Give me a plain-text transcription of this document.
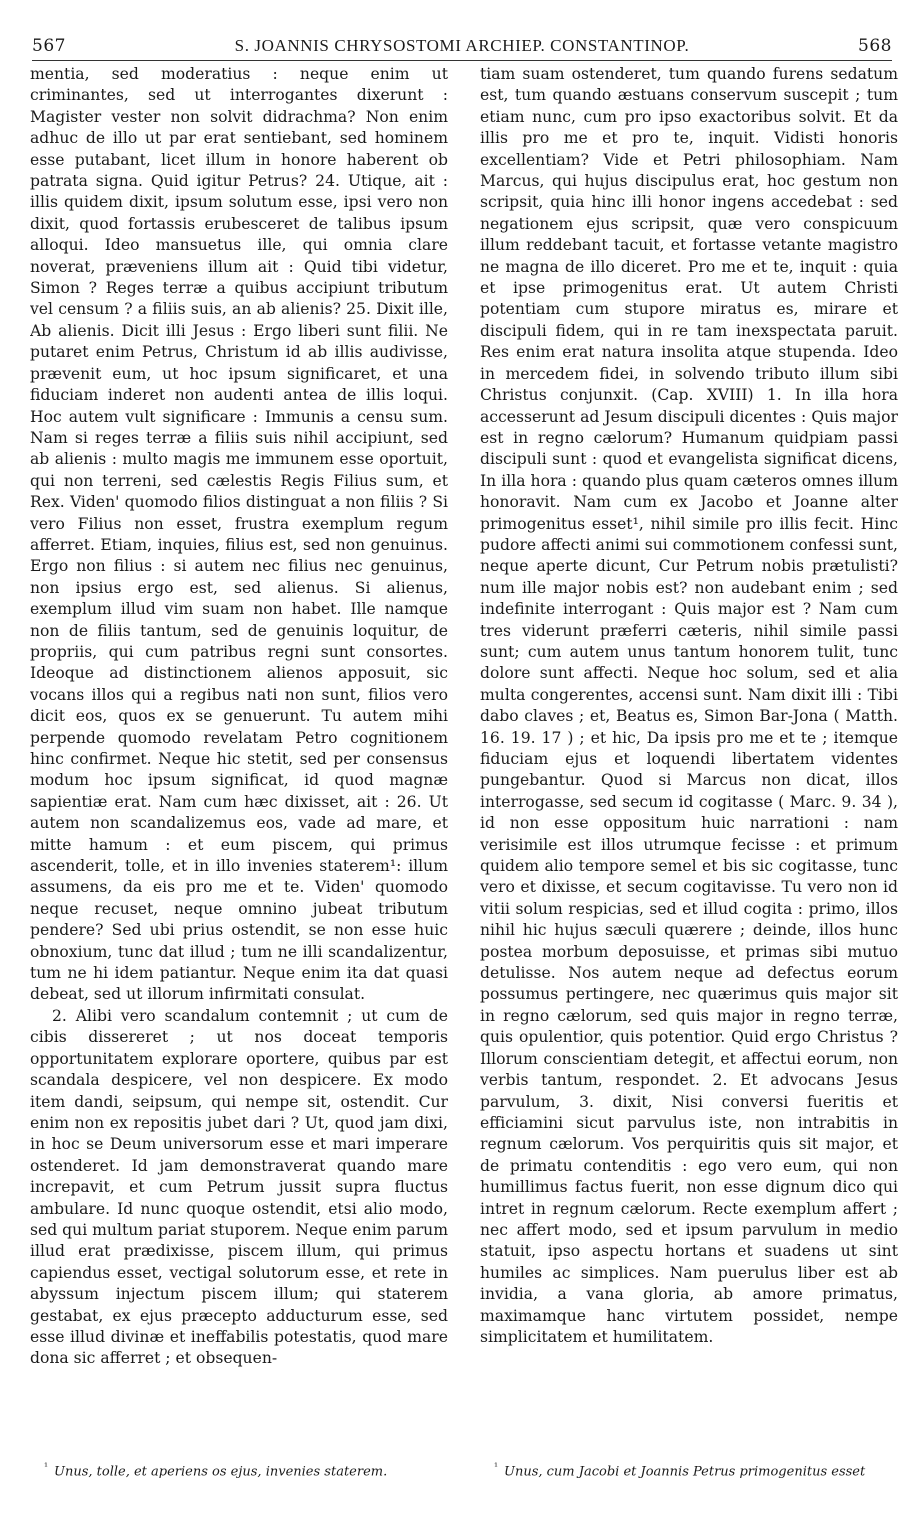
567	S. JOANNIS CHRYSOSTOMI ARCHIEP. CONSTANTINOP.	568

mentia, sed moderatius : neque enim ut criminantes, sed ut interrogantes dixerunt : Magister vester non solvit didrachma? Non enim adhuc de illo ut par erat sentiebant, sed hominem esse putabant, licet illum in honore haberent ob patrata signa. Quid igitur Petrus? 24. Utique, ait : illis quidem dixit, ipsum solutum esse, ipsi vero non dixit, quod fortassis erubesceret de talibus ipsum alloqui. Ideo mansuetus ille, qui omnia clare noverat, præveniens illum ait : Quid tibi videtur, Simon ? Reges terræ a quibus accipiunt tributum vel censum ? a filiis suis, an ab alienis? 25. Dixit ille, Ab alienis. Dicit illi Jesus : Ergo liberi sunt filii. Ne putaret enim Petrus, Christum id ab illis audivisse, prævenit eum, ut hoc ipsum significaret, et una fiduciam inderet non audenti antea de illis loqui. Hoc autem vult significare : Immunis a censu sum. Nam si reges terræ a filiis suis nihil accipiunt, sed ab alienis : multo magis me immunem esse oportuit, qui non terreni, sed cælestis Regis Filius sum, et Rex. Viden' quomodo filios distinguat a non filiis ? Si vero Filius non esset, frustra exemplum regum afferret. Etiam, inquies, filius est, sed non genuinus. Ergo non filius : si autem nec filius nec genuinus, non ipsius ergo est, sed alienus. Si alienus, exemplum illud vim suam non habet. Ille namque non de filiis tantum, sed de genuinis loquitur, de propriis, qui cum patribus regni sunt consortes. Ideoque ad distinctionem alienos apposuit, sic vocans illos qui a regibus nati non sunt, filios vero dicit eos, quos ex se genuerunt. Tu autem mihi perpende quomodo revelatam Petro cognitionem hinc confirmet. Neque hic stetit, sed per consensus modum hoc ipsum significat, id quod magnæ sapientiæ erat. Nam cum hæc dixisset, ait : 26. Ut autem non scandalizemus eos, vade ad mare, et mitte hamum : et eum piscem, qui primus ascenderit, tolle, et in illo invenies staterem¹: illum assumens, da eis pro me et te. Viden' quomodo neque recuset, neque omnino jubeat tributum pendere? Sed ubi prius ostendit, se non esse huic obnoxium, tunc dat illud ; tum ne illi scandalizentur, tum ne hi idem patiantur. Neque enim ita dat quasi debeat, sed ut illorum infirmitati consulat.

2. Alibi vero scandalum contemnit ; ut cum de cibis dissereret ; ut nos doceat temporis opportunitatem explorare oportere, quibus par est scandala despicere, vel non despicere. Ex modo item dandi, seipsum, qui nempe sit, ostendit. Cur enim non ex repositis jubet dari ? Ut, quod jam dixi, in hoc se Deum universorum esse et mari imperare ostenderet. Id jam demonstraverat quando mare increpavit, et cum Petrum jussit supra fluctus ambulare. Id nunc quoque ostendit, etsi alio modo, sed qui multum pariat stuporem. Neque enim parum illud erat prædixisse, piscem illum, qui primus capiendus esset, vectigal solutorum esse, et rete in abyssum injectum piscem illum; qui staterem gestabat, ex ejus præcepto adducturum esse, sed esse illud divinæ et ineffabilis potestatis, quod mare dona sic afferret ; et obsequen-

tiam suam ostenderet, tum quando furens sedatum est, tum quando æstuans conservum suscepit ; tum etiam nunc, cum pro ipso exactoribus solvit. Et da illis pro me et pro te, inquit. Vidisti honoris excellentiam? Vide et Petri philosophiam. Nam Marcus, qui hujus discipulus erat, hoc gestum non scripsit, quia hinc illi honor ingens accedebat : sed negationem ejus scripsit, quæ vero conspicuum illum reddebant tacuit, et fortasse vetante magistro ne magna de illo diceret. Pro me et te, inquit : quia et ipse primogenitus erat. Ut autem Christi potentiam cum stupore miratus es, mirare et discipuli fidem, qui in re tam inexspectata paruit. Res enim erat natura insolita atque stupenda. Ideo in mercedem fidei, in solvendo tributo illum sibi Christus conjunxit. (Cap. XVIII) 1. In illa hora accesserunt ad Jesum discipuli dicentes : Quis major est in regno cælorum? Humanum quidpiam passi discipuli sunt : quod et evangelista significat dicens, In illa hora : quando plus quam cæteros omnes illum honoravit. Nam cum ex Jacobo et Joanne alter primogenitus esset¹, nihil simile pro illis fecit. Hinc pudore affecti animi sui commotionem confessi sunt, neque aperte dicunt, Cur Petrum nobis prætulisti? num ille major nobis est? non audebant enim ; sed indefinite interrogant : Quis major est ? Nam cum tres viderunt præferri cæteris, nihil simile passi sunt; cum autem unus tantum honorem tulit, tunc dolore sunt affecti. Neque hoc solum, sed et alia multa congerentes, accensi sunt. Nam dixit illi : Tibi dabo claves ; et, Beatus es, Simon Bar-Jona ( Matth. 16. 19. 17 ) ; et hic, Da ipsis pro me et te ; itemque fiduciam ejus et loquendi libertatem videntes pungebantur. Quod si Marcus non dicat, illos interrogasse, sed secum id cogitasse ( Marc. 9. 34 ), id non esse oppositum huic narrationi : nam verisimile est illos utrumque fecisse : et primum quidem alio tempore semel et bis sic cogitasse, tunc vero et dixisse, et secum cogitavisse. Tu vero non id vitii solum respicias, sed et illud cogita : primo, illos nihil hic hujus sæculi quærere ; deinde, illos hunc postea morbum deposuisse, et primas sibi mutuo detulisse. Nos autem neque ad defectus eorum possumus pertingere, nec quærimus quis major sit in regno cælorum, sed quis major in regno terræ, quis opulentior, quis potentior. Quid ergo Christus ? Illorum conscientiam detegit, et affectui eorum, non verbis tantum, respondet. 2. Et advocans Jesus parvulum, 3. dixit, Nisi conversi fueritis et efficiamini sicut parvulus iste, non intrabitis in regnum cælorum. Vos perquiritis quis sit major, et de primatu contenditis : ego vero eum, qui non humillimus factus fuerit, non esse dignum dico qui intret in regnum cælorum. Recte exemplum affert ; nec affert modo, sed et ipsum parvulum in medio statuit, ipso aspectu hortans et suadens ut sint humiles ac simplices. Nam puerulus liber est ab invidia, a vana gloria, ab amore primatus, maximamque hanc virtutem possidet, nempe simplicitatem et humilitatem.

$^{^1}$ Unus, tolle, et aperiens os ejus, invenies staterem.	$^{^1}$ Unus, cum Jacobi et Joannis Petrus primogenitus esset
